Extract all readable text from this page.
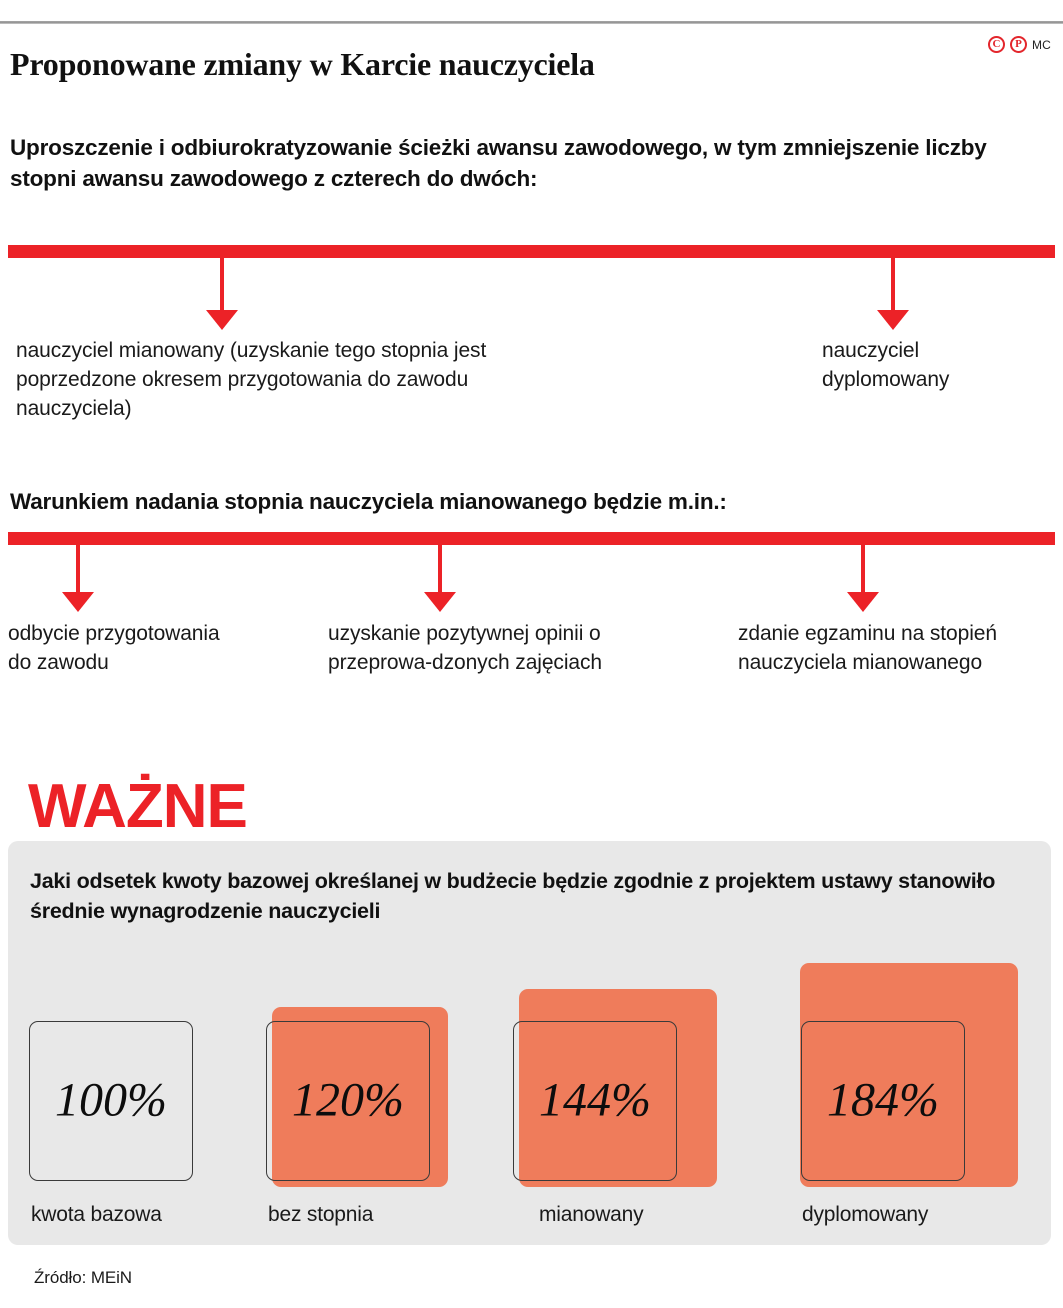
C	P MC
Proponowane zmiany w Karcie nauczyciela

Uproszczenie i odbiurokratyzowanie ścieżki awansu zawodowego, w tym zmniejszenie liczby stopni awansu zawodowego z czterech do dwóch:

nauczyciel mianowany (uzyskanie tego stopnia jest poprzedzone okresem przygotowania do zawodu nauczyciela)
nauczyciel dyplomowany
Warunkiem nadania stopnia nauczyciela mianowanego będzie m.in.:
odbycie przygotowania do zawodu
uzyskanie pozytywnej opinii o przeprowa-dzonych zajęciach
zdanie egzaminu na stopień nauczyciela mianowanego
WAŻNE
Jaki odsetek kwoty bazowej określanej w budżecie będzie zgodnie z projektem ustawy stanowiło średnie wynagrodzenie nauczycieli
100%
kwota bazowa
120%
bez stopnia
144%
mianowany
184%
dyplomowany
Źródło: MEiN
